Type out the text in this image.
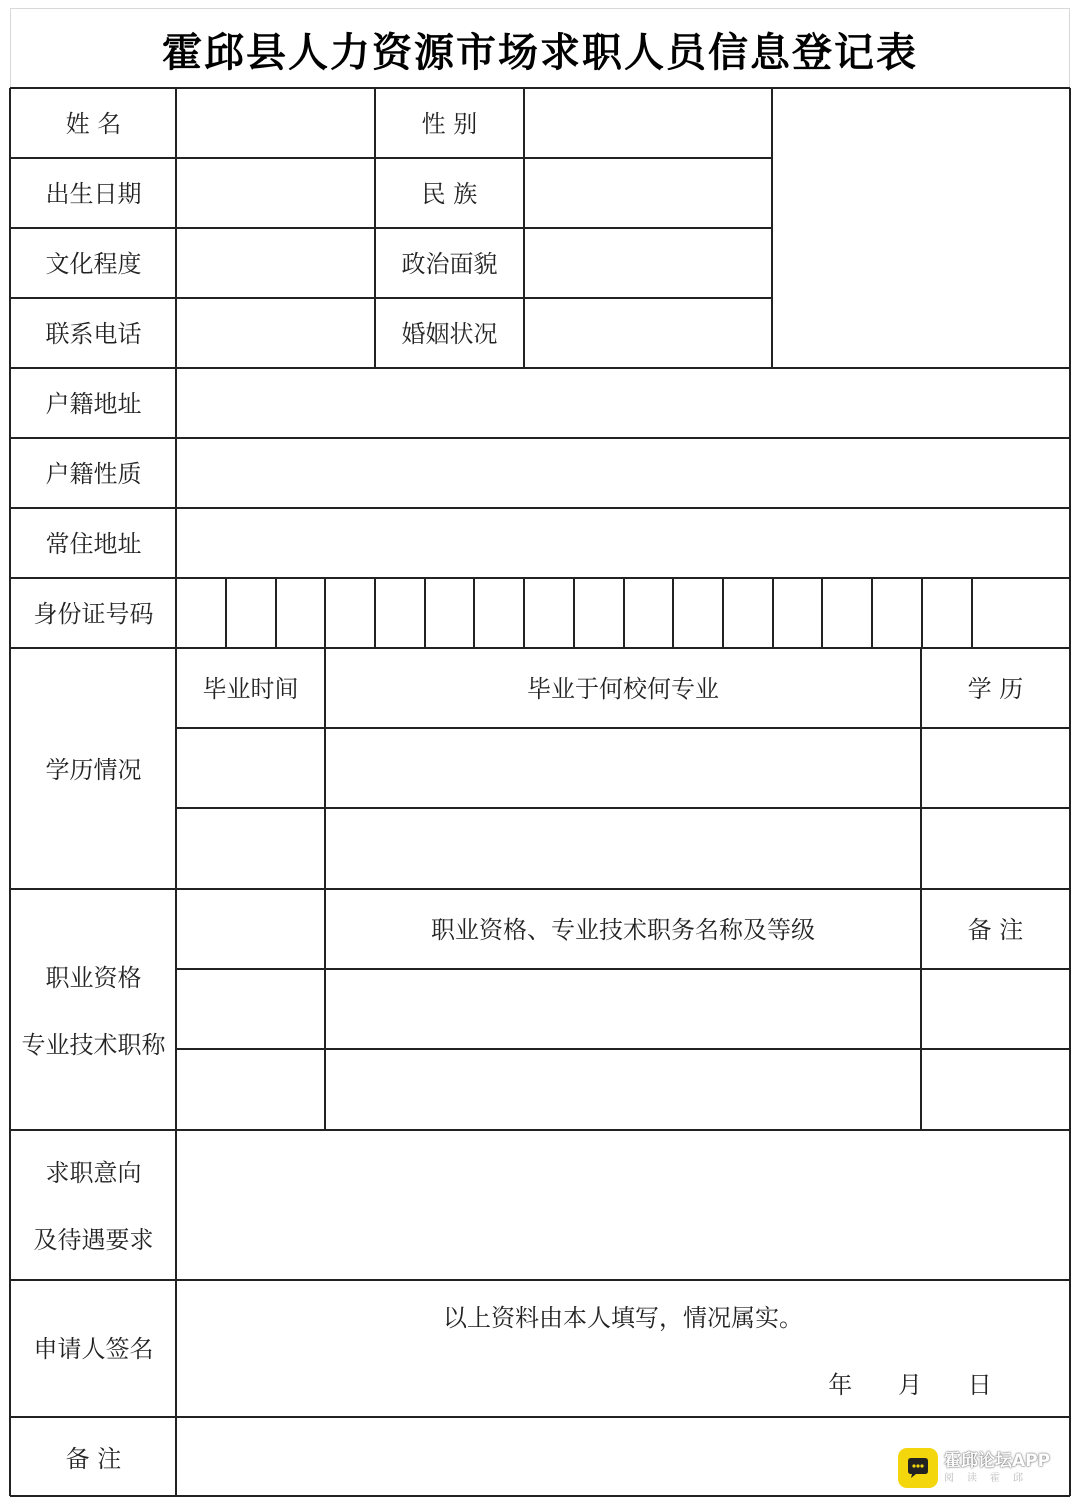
霍邱县人力资源市场求职人员信息登记表
姓 名	性 别
出生日期	民 族
文化程度	政治面貌
联系电话	婚姻状况
户籍地址
户籍性质
常住地址
身份证号码
学历情况
毕业时间	毕业于何校何专业	学 历
职业资格
专业技术职称
职业资格、专业技术职务名称及等级	备 注
求职意向
及待遇要求
申请人签名
以上资料由本人填写，情况属实。
年      月      日
备 注	霍邱论坛APP
阅读霍邱
